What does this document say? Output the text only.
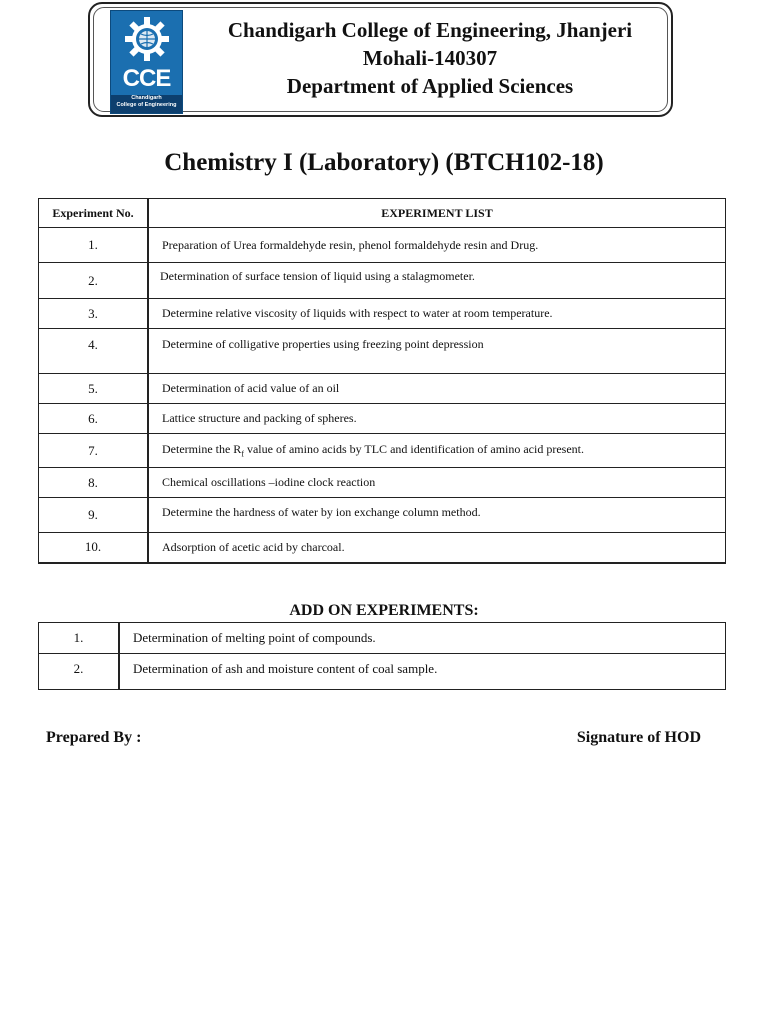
CCE
Chandigarh
College of Engineering
Chandigarh College of Engineering, Jhanjeri
Mohali-140307
Department of Applied Sciences
Chemistry I (Laboratory) (BTCH102-18)
Experiment No.	EXPERIMENT LIST
1.	Preparation of Urea formaldehyde resin, phenol formaldehyde resin and Drug.
2.	Determination of surface tension of liquid using a stalagmometer.
3.	Determine relative viscosity of liquids with respect to water at room temperature.
4.	Determine of colligative properties using freezing point depression
5.	Determination of acid value of an oil
6.	Lattice structure and packing of spheres.
7.	Determine the $R_f$ value of amino acids by TLC and identification of amino acid present.
8.	Chemical oscillations –iodine clock reaction
9.	Determine the hardness of water by ion exchange column method.
10.	Adsorption of acetic acid by charcoal.
ADD ON EXPERIMENTS:
1.	Determination of melting point of compounds.
2.	Determination of ash and moisture content of coal sample.
Prepared By :	Signature of HOD
